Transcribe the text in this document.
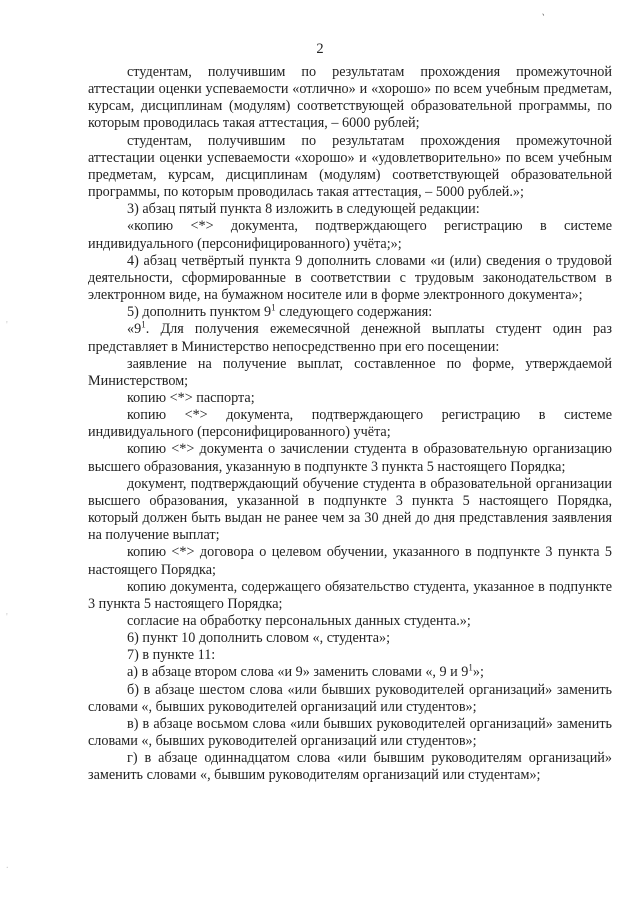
`
'
'
.
2

студентам, получившим по результатам прохождения промежуточной аттестации оценки успеваемости «отлично» и «хорошо» по всем учебным предметам, курсам, дисциплинам (модулям) соответствующей образовательной программы, по которым проводилась такая аттестация, – 6000 рублей;

студентам, получившим по результатам прохождения промежуточной аттестации оценки успеваемости «хорошо» и «удовлетворительно» по всем учебным предметам, курсам, дисциплинам (модулям) соответствующей образовательной программы, по которым проводилась такая аттестация, – 5000 рублей.»;

3) абзац пятый пункта 8 изложить в следующей редакции:

«копию <*> документа, подтверждающего регистрацию в системе индивидуального (персонифицированного) учёта;»;

4) абзац четвёртый пункта 9 дополнить словами «и (или) сведения о трудовой деятельности, сформированные в соответствии с трудовым законодательством в электронном виде, на бумажном носителе или в форме электронного документа»;

5) дополнить пунктом $9^1$ следующего содержания:

«$9^1$. Для получения ежемесячной денежной выплаты студент один раз представляет в Министерство непосредственно при его посещении:

заявление на получение выплат, составленное по форме, утверждаемой Министерством;

копию <*> паспорта;

копию <*> документа, подтверждающего регистрацию в системе индивидуального (персонифицированного) учёта;

копию <*> документа о зачислении студента в образовательную организацию высшего образования, указанную в подпункте 3 пункта 5 настоящего Порядка;

документ, подтверждающий обучение студента в образовательной организации высшего образования, указанной в подпункте 3 пункта 5 настоящего Порядка, который должен быть выдан не ранее чем за 30 дней до дня представления заявления на получение выплат;

копию <*> договора о целевом обучении, указанного в подпункте 3 пункта 5 настоящего Порядка;

копию документа, содержащего обязательство студента, указанное в подпункте 3 пункта 5 настоящего Порядка;

согласие на обработку персональных данных студента.»;

6) пункт 10 дополнить словом «, студента»;

7) в пункте 11:

а) в абзаце втором слова «и 9» заменить словами «, 9 и $9^1$»;

б) в абзаце шестом слова «или бывших руководителей организаций» заменить словами «, бывших руководителей организаций или студентов»;

в) в абзаце восьмом слова «или бывших руководителей организаций» заменить словами «, бывших руководителей организаций или студентов»;

г) в абзаце одиннадцатом слова «или бывшим руководителям организаций» заменить словами «, бывшим руководителям организаций или студентам»;
